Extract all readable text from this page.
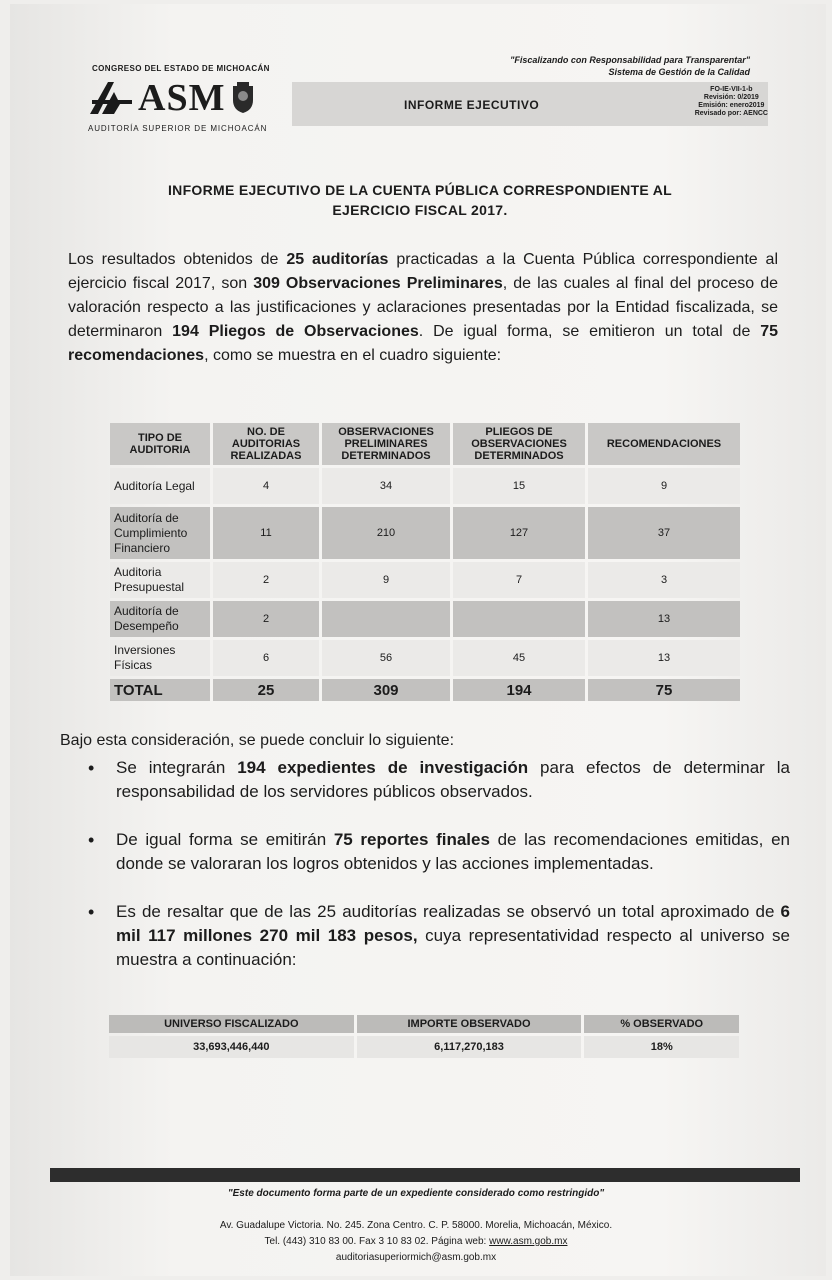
CONGRESO DEL ESTADO DE MICHOACÁN
ASM
AUDITORÍA SUPERIOR DE MICHOACÁN
"Fiscalizando con Responsabilidad para Transparentar"
Sistema de Gestión de la Calidad
INFORME EJECUTIVO
FO-IE-VII-1-b
Revisión: 0/2019
Emisión: enero2019
Revisado por: AENCC
INFORME EJECUTIVO DE LA CUENTA PÚBLICA CORRESPONDIENTE AL
EJERCICIO FISCAL 2017.
Los resultados obtenidos de 25 auditorías practicadas a la Cuenta Pública correspondiente al ejercicio fiscal 2017, son 309 Observaciones Preliminares, de las cuales al final del proceso de valoración respecto a las justificaciones y aclaraciones presentadas por la Entidad fiscalizada, se determinaron 194 Pliegos de Observaciones. De igual forma, se emitieron un total de 75 recomendaciones, como se muestra en el cuadro siguiente:
TIPO DE AUDITORIA	NO. DE AUDITORIAS REALIZADAS	OBSERVACIONES PRELIMINARES DETERMINADOS	PLIEGOS DE OBSERVACIONES DETERMINADOS	RECOMENDACIONES
Auditoría Legal	4	34	15	9
Auditoría de Cumplimiento Financiero	11	210	127	37
Auditoria Presupuestal	2	9	7	3
Auditoría de Desempeño	2			13
Inversiones Físicas	6	56	45	13
TOTAL	25	309	194	75
Bajo esta consideración, se puede concluir lo siguiente:
• Se integrarán 194 expedientes de investigación para efectos de determinar la responsabilidad de los servidores públicos observados.
• De igual forma se emitirán 75 reportes finales de las recomendaciones emitidas, en donde se valoraran los logros obtenidos y las acciones implementadas.
• Es de resaltar que de las 25 auditorías realizadas se observó un total aproximado de 6 mil 117 millones 270 mil 183 pesos, cuya representatividad respecto al universo se muestra a continuación:
UNIVERSO FISCALIZADO	IMPORTE OBSERVADO	% OBSERVADO
33,693,446,440	6,117,270,183	18%
"Este documento forma parte de un expediente considerado como restringido"
Av. Guadalupe Victoria. No. 245. Zona Centro. C. P. 58000. Morelia, Michoacán, México.
Tel. (443) 310 83 00. Fax 3 10 83 02. Página web: www.asm.gob.mx
auditoriasuperiormich@asm.gob.mx
